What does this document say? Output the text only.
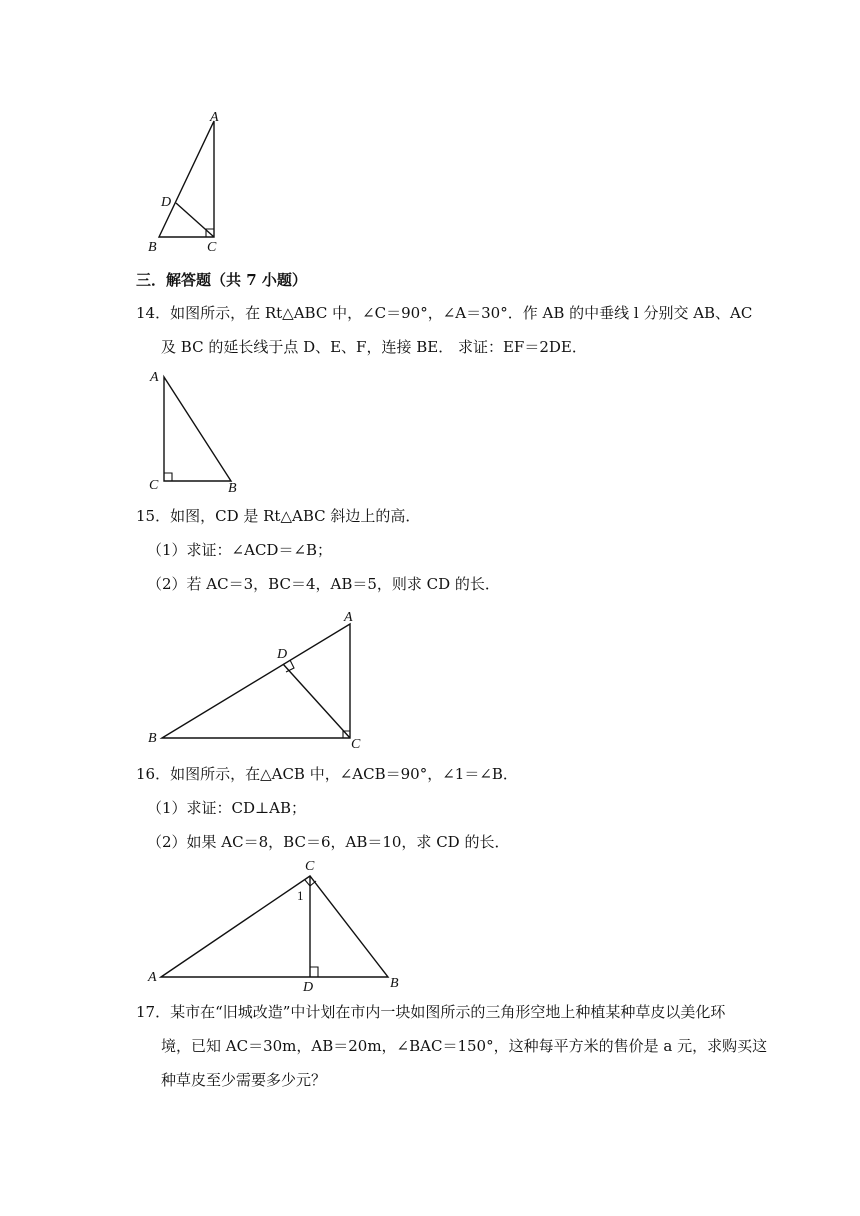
A
D
B	C
三．解答题（共 7 小题）
14．如图所示，在 Rt△ABC 中，∠C＝90°，∠A＝30°．作 AB 的中垂线 l 分别交 AB、AC
及 BC 的延长线于点 D、E、F，连接 BE． 求证：EF＝2DE．
A
C	B
15．如图，CD 是 Rt△ABC 斜边上的高．
（1）求证：∠ACD＝∠B；
（2）若 AC＝3，BC＝4，AB＝5，则求 CD 的长．
A
D
B	C
16．如图所示，在△ACB 中，∠ACB＝90°，∠1＝∠B．
（1）求证：CD⊥AB；
（2）如果 AC＝8，BC＝6，AB＝10，求 CD 的长．
C
1
A
D	B
17．某市在“旧城改造”中计划在市内一块如图所示的三角形空地上种植某种草皮以美化环
境，已知 AC＝30m，AB＝20m，∠BAC＝150°，这种每平方米的售价是 a 元，求购买这
种草皮至少需要多少元？
